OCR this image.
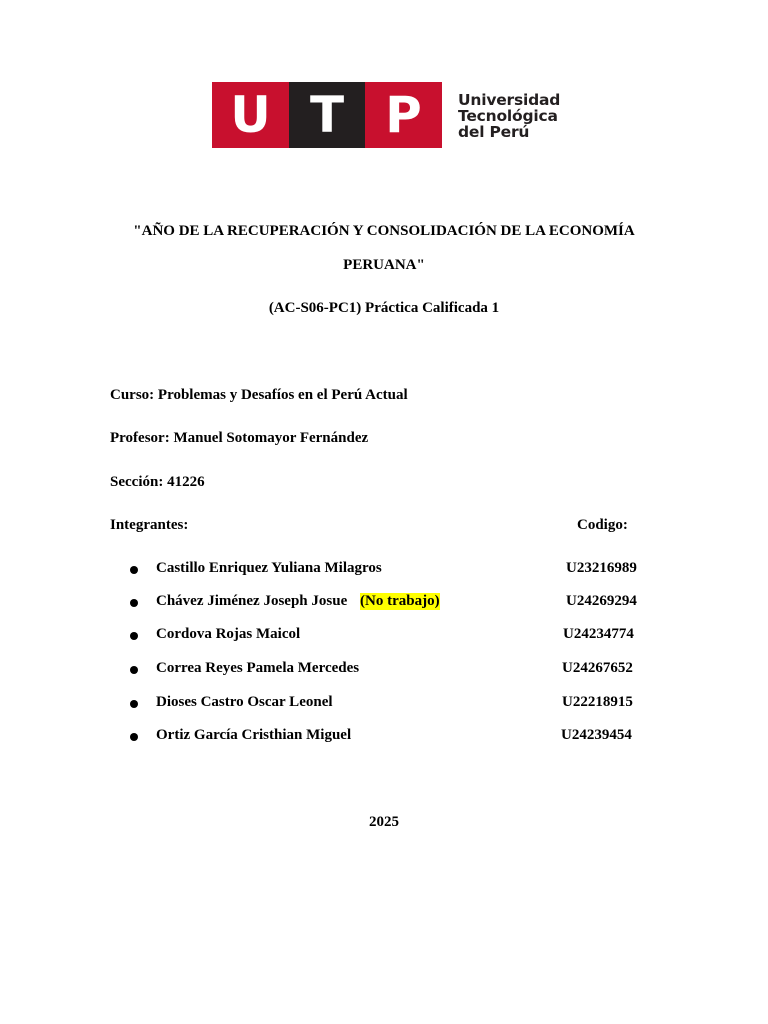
U T P	Universidad
Tecnológica
del Perú
"AÑO DE LA RECUPERACIÓN Y CONSOLIDACIÓN DE LA ECONOMÍA
PERUANA"
(AC-S06-PC1) Práctica Calificada 1
Curso: Problemas y Desafíos en el Perú Actual
Profesor: Manuel Sotomayor Fernández
Sección: 41226
Integrantes:	Codigo:
Castillo Enriquez Yuliana Milagros	U23216989
Chávez Jiménez Joseph Josue (No trabajo)	U24269294
Cordova Rojas Maicol	U24234774
Correa Reyes Pamela Mercedes	U24267652
Dioses Castro Oscar Leonel	U22218915
Ortiz García Cristhian Miguel	U24239454
2025
